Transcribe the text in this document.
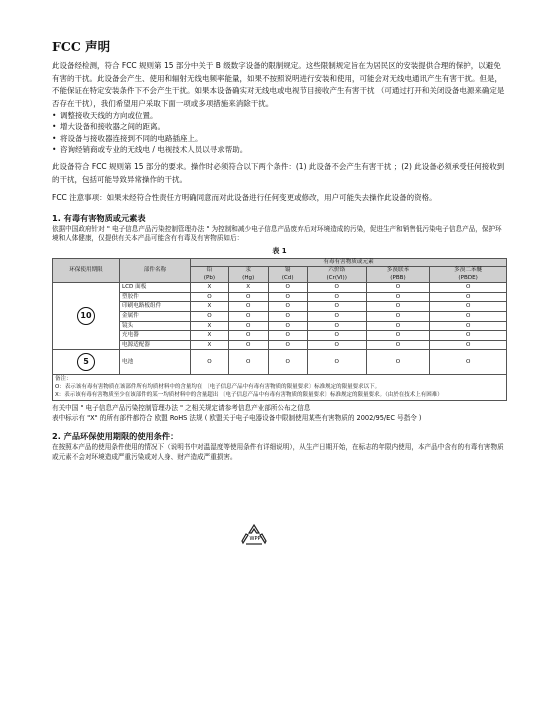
FCC 声明

此设备经检测，符合 FCC 规则第 15 部分中关于 B 级数字设备的限制规定。这些限制规定旨在为居民区的安装提供合理的保护，以避免有害的干扰。此设备会产生、使用和辐射无线电频率能量，如果不按照说明进行安装和使用，可能会对无线电通讯产生有害干扰。但是，不能保证在特定安装条件下不会产生干扰。如果本设备确实对无线电或电视节目接收产生有害干扰 （可通过打开和关闭设备电源来确定是否存在干扰），我们希望用户采取下面一项或多项措施来消除干扰。

• 调整接收天线的方向或位置。
• 增大设备和接收器之间的距离。
• 将设备与接收器连接到不同的电路插座上。
• 咨询经销商或专业的无线电 / 电视技术人员以寻求帮助。

此设备符合 FCC 规则第 15 部分的要求。操作时必须符合以下两个条件：(1) 此设备不会产生有害干扰 ；(2) 此设备必须承受任何接收到的干扰，包括可能导致异常操作的干扰。

FCC 注意事项：如果未经符合性责任方明确同意而对此设备进行任何变更或修改，用户可能失去操作此设备的资格。

1. 有毒有害物质或元素表

依据中国政府针对 " 电子信息产品污染控制管理办法 " 为控制和减少电子信息产品废弃后对环境造成的污染，促进生产和销售低污染电子信息产品，保护环境和人体健康，仅提供有关本产品可能含有有毒及有害物质如后：

表 1
环保使用期限	部件名称	有毒有害物质或元素					
		铅
(Pb)	汞
(Hg)	镉
(Cd)	六价铬
(Cr(VI))	多溴联苯
(PBB)	多溴二苯醚
(PBDE)
10	LCD 面板	X	X	O	O	O	O
	塑胶件	O	O	O	O	O	O
	印刷电路板组件	X	O	O	O	O	O
	金属件	O	O	O	O	O	O
	镜头	X	O	O	O	O	O
	充电器	X	O	O	O	O	O
	电源适配器	X	O	O	O	O	O
5	电池	O	O	O	O	O	O

备注：
O：表示该有毒有害物质在该部件所有均质材料中的含量均在 〔电子信息产品中有毒有害物质的限量要求〕标准规定的限量要求以下。
X：表示该有毒有害物质至少在该部件的某一均质材料中的含量超出 〔电子信息产品中有毒有害物质的限量要求〕标准规定的限量要求。（由於在技术上有困难）							

有关中国 " 电子信息产品污染控制管理办法 " 之相关规定请参考信息产业部所公布之信息

表中标示有 "X" 的所有部件都符合 欧盟 RoHS 法规 ( 欧盟关于电子电器设备中限制使用某些有害物质的 2002/95/EC 号指令 )

2. 产品环保使用期限的使用条件：

在按照本产品的使用条件使用的情况下（说明书中对温湿度等使用条件有详细说明），从生产日期开始，在标志的年限内使用，本产品中含有的有毒有害物质或元素不会对环境造成严重污染或对人身、财产造成严重损害。

WPP
